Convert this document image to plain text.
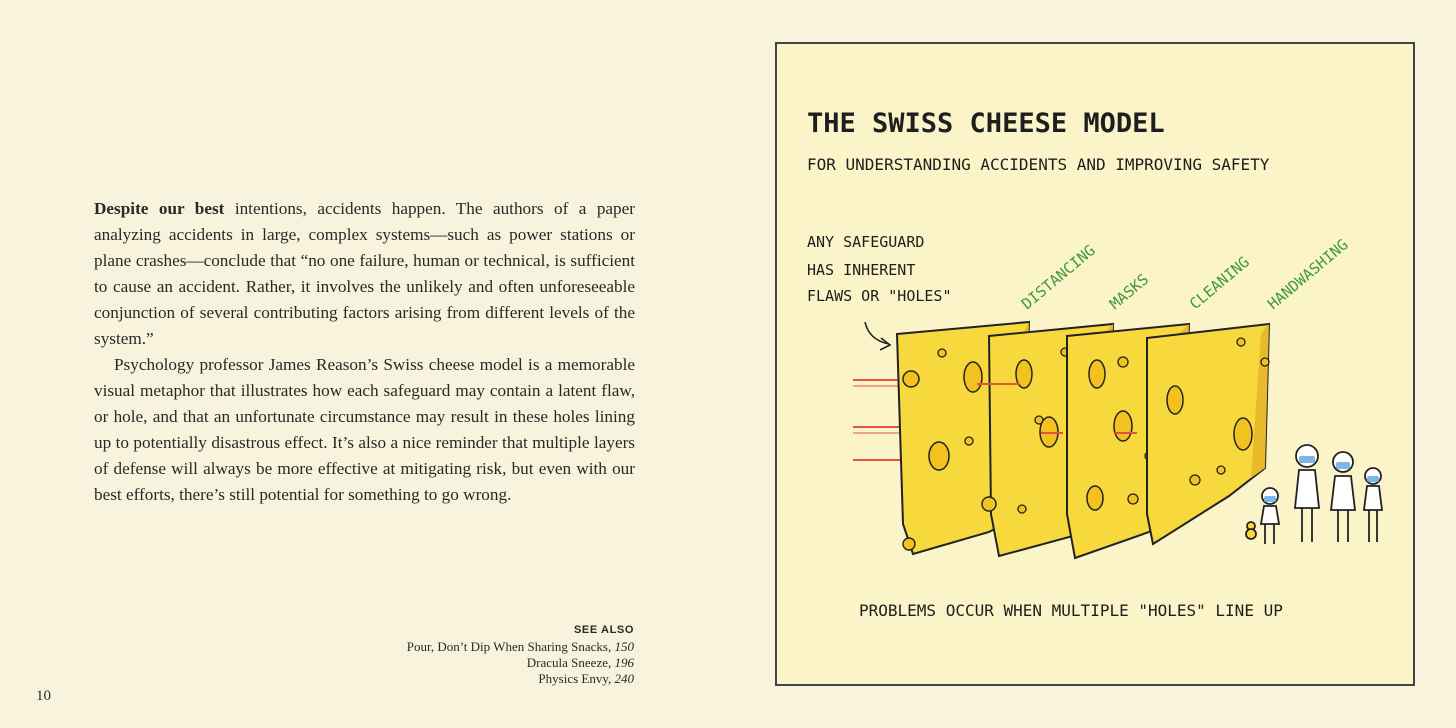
Despite our best intentions, accidents happen. The authors of a paper analyzing accidents in large, complex systems—such as power stations or plane crashes—conclude that “no one failure, human or technical, is sufficient to cause an accident. Rather, it involves the unlikely and often unforeseeable conjunction of several contributing factors arising from different levels of the system.”

Psychology professor James Reason’s Swiss cheese model is a memorable visual metaphor that illustrates how each safeguard may contain a latent flaw, or hole, and that an unfortunate circumstance may result in these holes lining up to potentially disastrous effect. It’s also a nice reminder that multiple layers of defense will always be more effective at mitigating risk, but even with our best efforts, there’s still potential for something to go wrong.

SEE ALSO
Pour, Don’t Dip When Sharing Snacks, 150
Dracula Sneeze, 196
Physics Envy, 240
10
THE SWISS CHEESE MODEL
FOR UNDERSTANDING ACCIDENTS AND IMPROVING SAFETY
ANY SAFEGUARD
HAS INHERENT
FLAWS OR "HOLES"	DISTANCING MASKS CLEANING HANDWASHING
PROBLEMS OCCUR WHEN MULTIPLE "HOLES" LINE UP
